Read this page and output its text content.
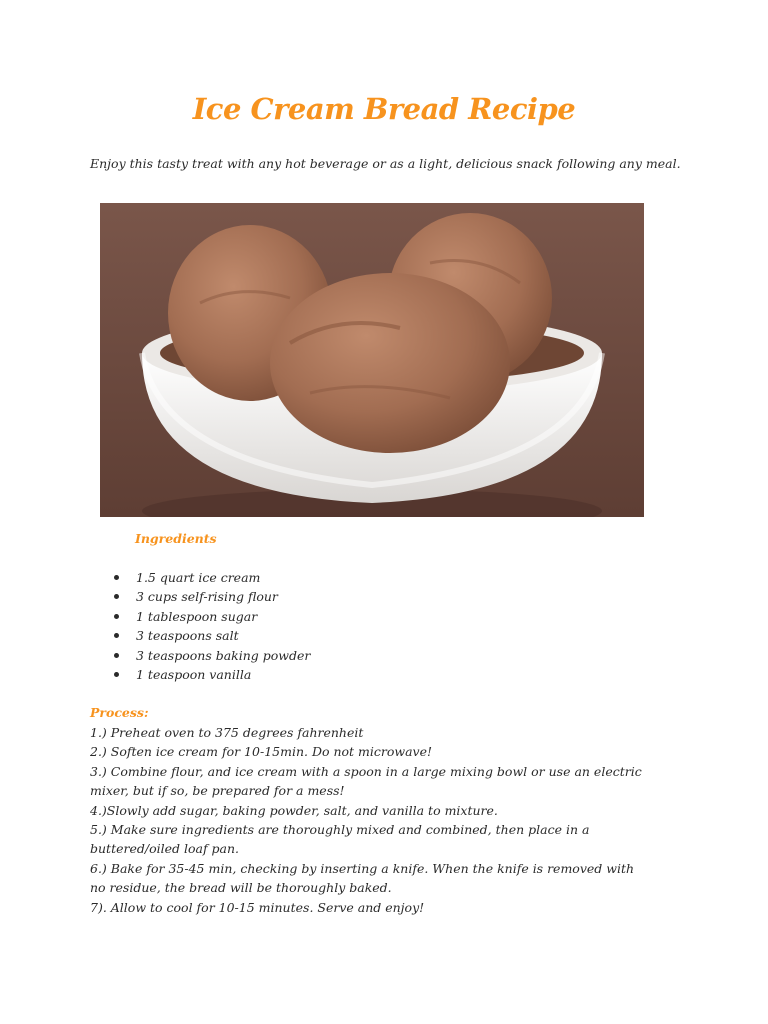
Ice Cream Bread Recipe
Enjoy this tasty treat with any hot beverage or as a light, delicious snack following any meal.
Ingredients
1.5 quart ice cream
3 cups self-rising flour
1 tablespoon sugar
3 teaspoons salt
3 teaspoons baking powder
1 teaspoon vanilla
Process:

1.) Preheat oven to 375 degrees fahrenheit

2.) Soften ice cream for 10-15min. Do not microwave!

3.) Combine flour, and ice cream with a spoon in a large mixing bowl or use an electric mixer, but if so, be prepared for a mess!

4.)Slowly add sugar, baking powder, salt, and vanilla to mixture.

5.) Make sure ingredients are thoroughly mixed and combined, then place in a buttered/oiled loaf pan.

6.) Bake for 35-45 min, checking by inserting a knife. When the knife is removed with no residue, the bread will be thoroughly baked.

7). Allow to cool for 10-15 minutes. Serve and enjoy!
